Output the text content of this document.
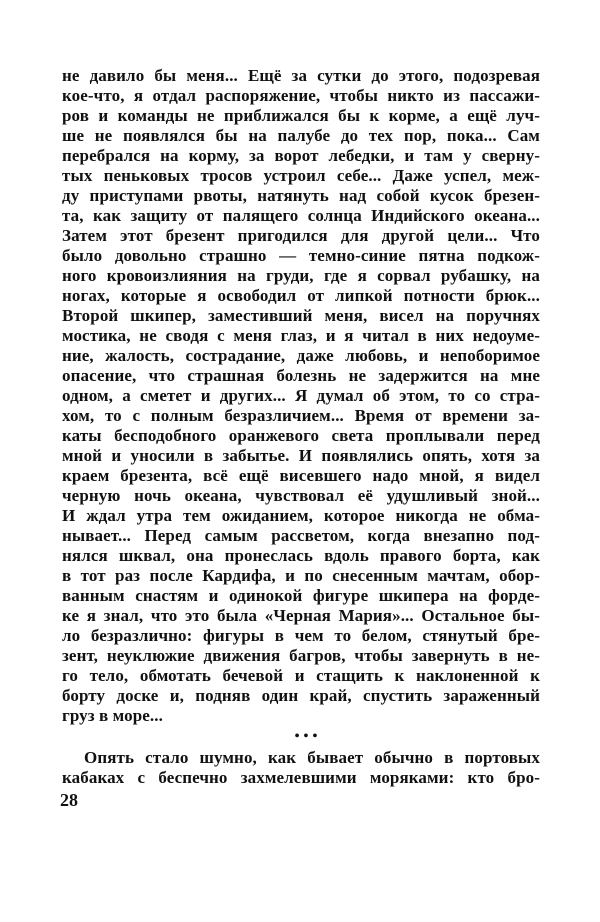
не давило бы меня... Ещё за сутки до этого, подозревая
кое-что, я отдал распоряжение, чтобы никто из пассажи-
ров и команды не приближался бы к корме, а ещё луч-
ше не появлялся бы на палубе до тех пор, пока... Сам
перебрался на корму, за ворот лебедки, и там у сверну-
тых пеньковых тросов устроил себе... Даже успел, меж-
ду приступами рвоты, натянуть над собой кусок брезен-
та, как защиту от палящего солнца Индийского океана...
Затем этот брезент пригодился для другой цели... Что
было довольно страшно — темно-синие пятна подкож-
ного кровоизлияния на груди, где я сорвал рубашку, на
ногах, которые я освободил от липкой потности брюк...
Второй шкипер, заместивший меня, висел на поручнях
мостика, не сводя с меня глаз, и я читал в них недоуме-
ние, жалость, сострадание, даже любовь, и непоборимое
опасение, что страшная болезнь не задержится на мне
одном, а сметет и других... Я думал об этом, то со стра-
хом, то с полным безразличием... Время от времени за-
каты бесподобного оранжевого света проплывали перед
мной и уносили в забытье. И появлялись опять, хотя за
краем брезента, всё ещё висевшего надо мной, я видел
черную ночь океана, чувствовал её удушливый зной...
И ждал утра тем ожиданием, которое никогда не обма-
нывает... Перед самым рассветом, когда внезапно под-
нялся шквал, она пронеслась вдоль правого борта, как
в тот раз после Кардифа, и по снесенным мачтам, обор-
ванным снастям и одинокой фигуре шкипера на форде-
ке я знал, что это была «Черная Мария»... Остальное бы-
ло безразлично: фигуры в чем то белом, стянутый бре-
зент, неуклюжие движения багров, чтобы завернуть в не-
го тело, обмотать бечевой и стащить к наклоненной к
борту доске и, подняв один край, спустить зараженный
груз в море...
•••
Опять стало шумно, как бывает обычно в портовых
кабаках с беспечно захмелевшими моряками: кто бро-
28
